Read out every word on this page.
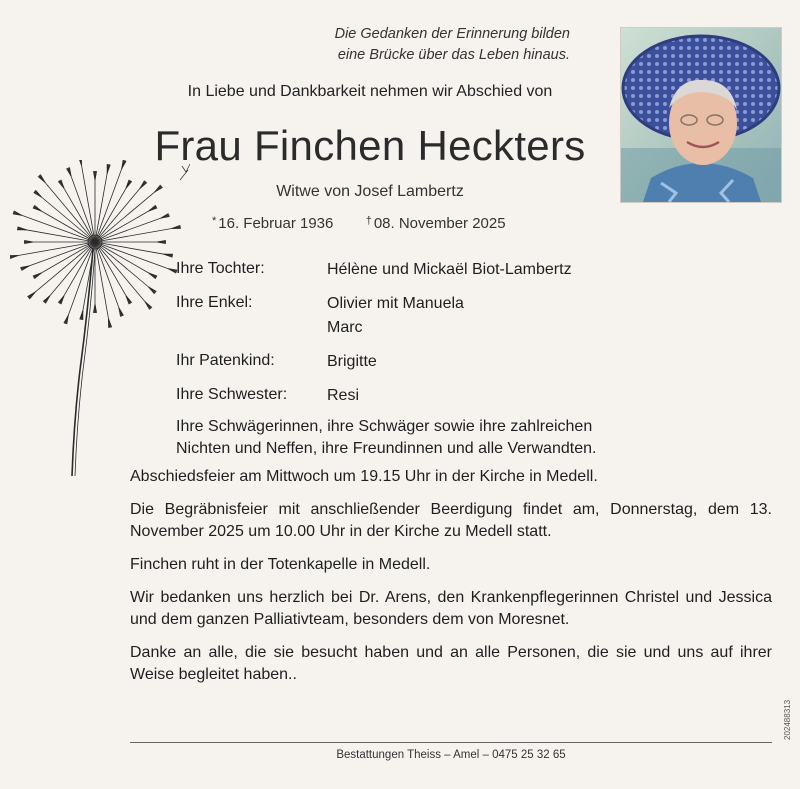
Die Gedanken der Erinnerung bilden
eine Brücke über das Leben hinaus.
In Liebe und Dankbarkeit nehmen wir Abschied von
Frau Finchen Heckters
Witwe von Josef Lambertz
* 16. Februar 1936	† 08. November 2025
Ihre Tochter:	Hélène und Mickaël Biot-Lambertz
Ihre Enkel:	Olivier mit Manuela
Marc
Ihr Patenkind:	Brigitte
Ihre Schwester:	Resi
Ihre Schwägerinnen, ihre Schwäger sowie ihre zahlreichen
Nichten und Neffen, ihre Freundinnen und alle Verwandten.

Abschiedsfeier am Mittwoch um 19.15 Uhr in der Kirche in Medell.

Die Begräbnisfeier mit anschließender Beerdigung findet am, Donnerstag, dem 13. November 2025 um 10.00 Uhr in der Kirche zu Medell statt.

Finchen ruht in der Totenkapelle in Medell.

Wir bedanken uns herzlich bei Dr. Arens, den Krankenpflegerinnen Christel und Jessica und dem ganzen Palliativteam, besonders dem von Moresnet.

Danke an alle, die sie besucht haben und an alle Personen, die sie und uns auf ihrer Weise begleitet haben..

Bestattungen Theiss – Amel – 0475 25 32 65
202488313
